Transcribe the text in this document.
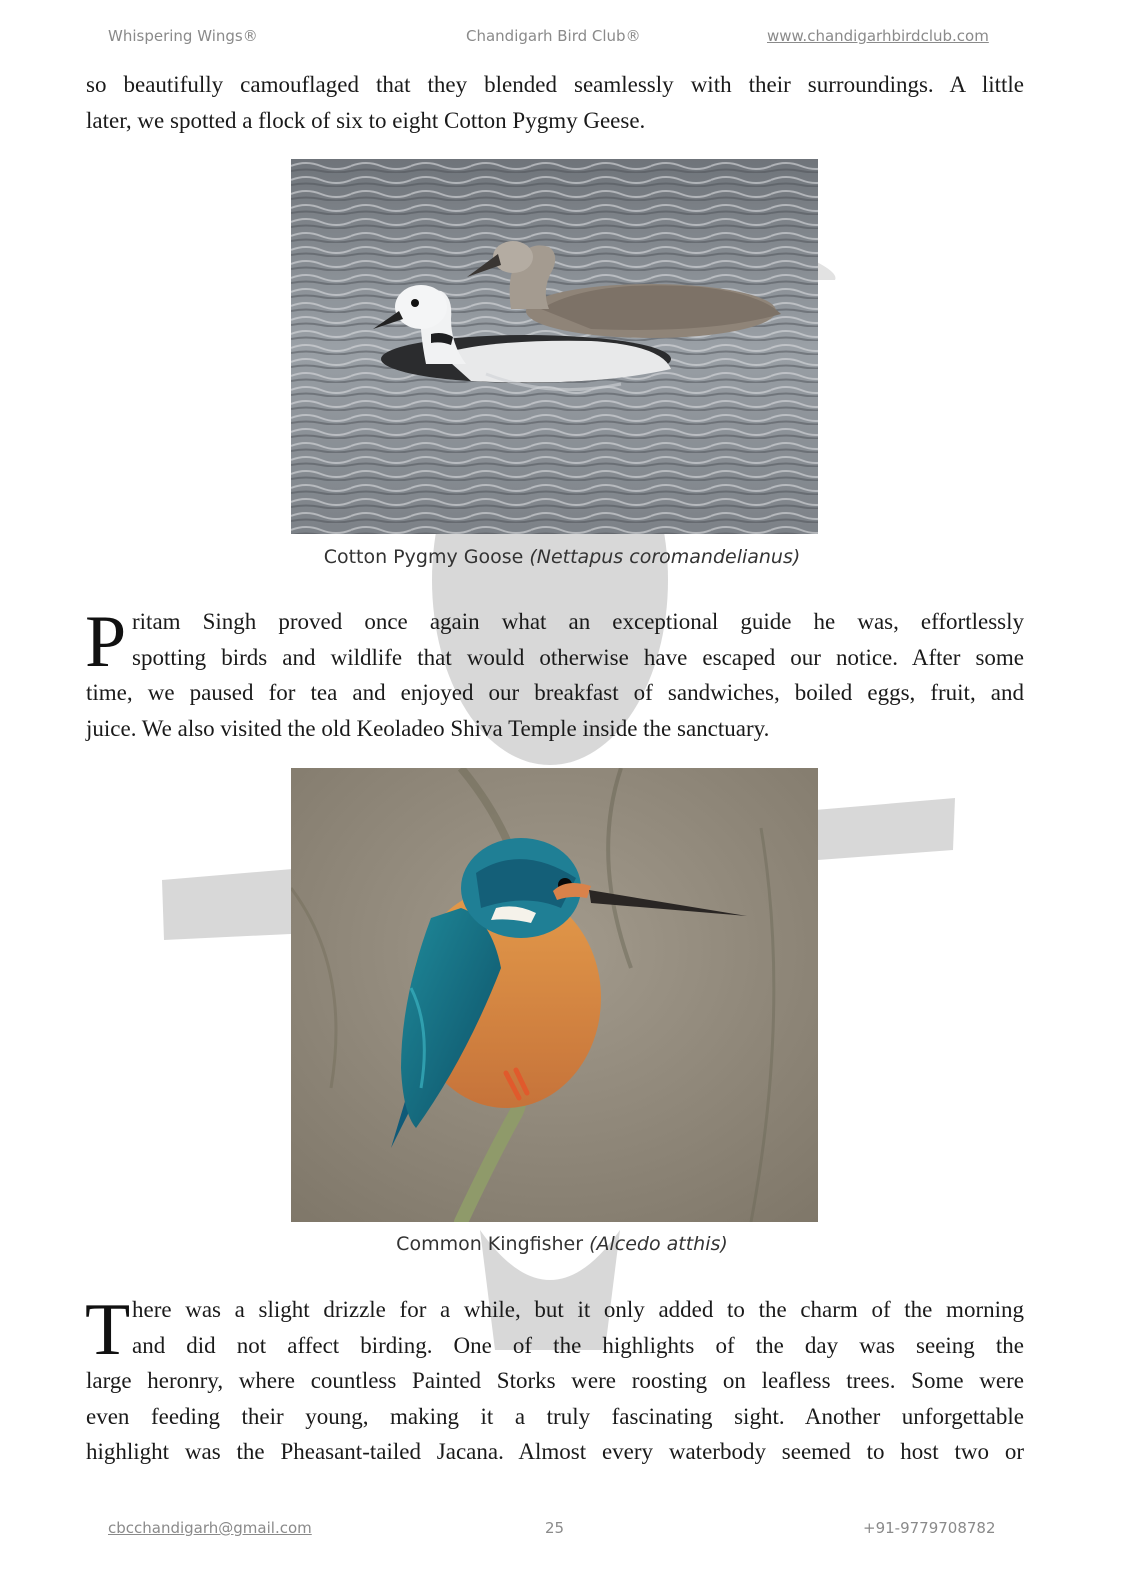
Whispering Wings®	Chandigarh Bird Club®	www.chandigarhbirdclub.com
so beautifully camouflaged that they blended seamlessly with their surroundings. A little
later, we spotted a flock of six to eight Cotton Pygmy Geese.
Cotton Pygmy Goose (Nettapus coromandelianus)
P ritam Singh proved once again what an exceptional guide he was, effortlessly
spotting birds and wildlife that would otherwise have escaped our notice. After some
time, we paused for tea and enjoyed our breakfast of sandwiches, boiled eggs, fruit, and
juice. We also visited the old Keoladeo Shiva Temple inside the sanctuary.
Common Kingfisher (Alcedo atthis)
T here was a slight drizzle for a while, but it only added to the charm of the morning
and did not affect birding. One of the highlights of the day was seeing the
large heronry, where countless Painted Storks were roosting on leafless trees. Some were
even feeding their young, making it a truly fascinating sight. Another unforgettable
highlight was the Pheasant-tailed Jacana. Almost every waterbody seemed to host two or
cbcchandigarh@gmail.com	25	+91-9779708782
